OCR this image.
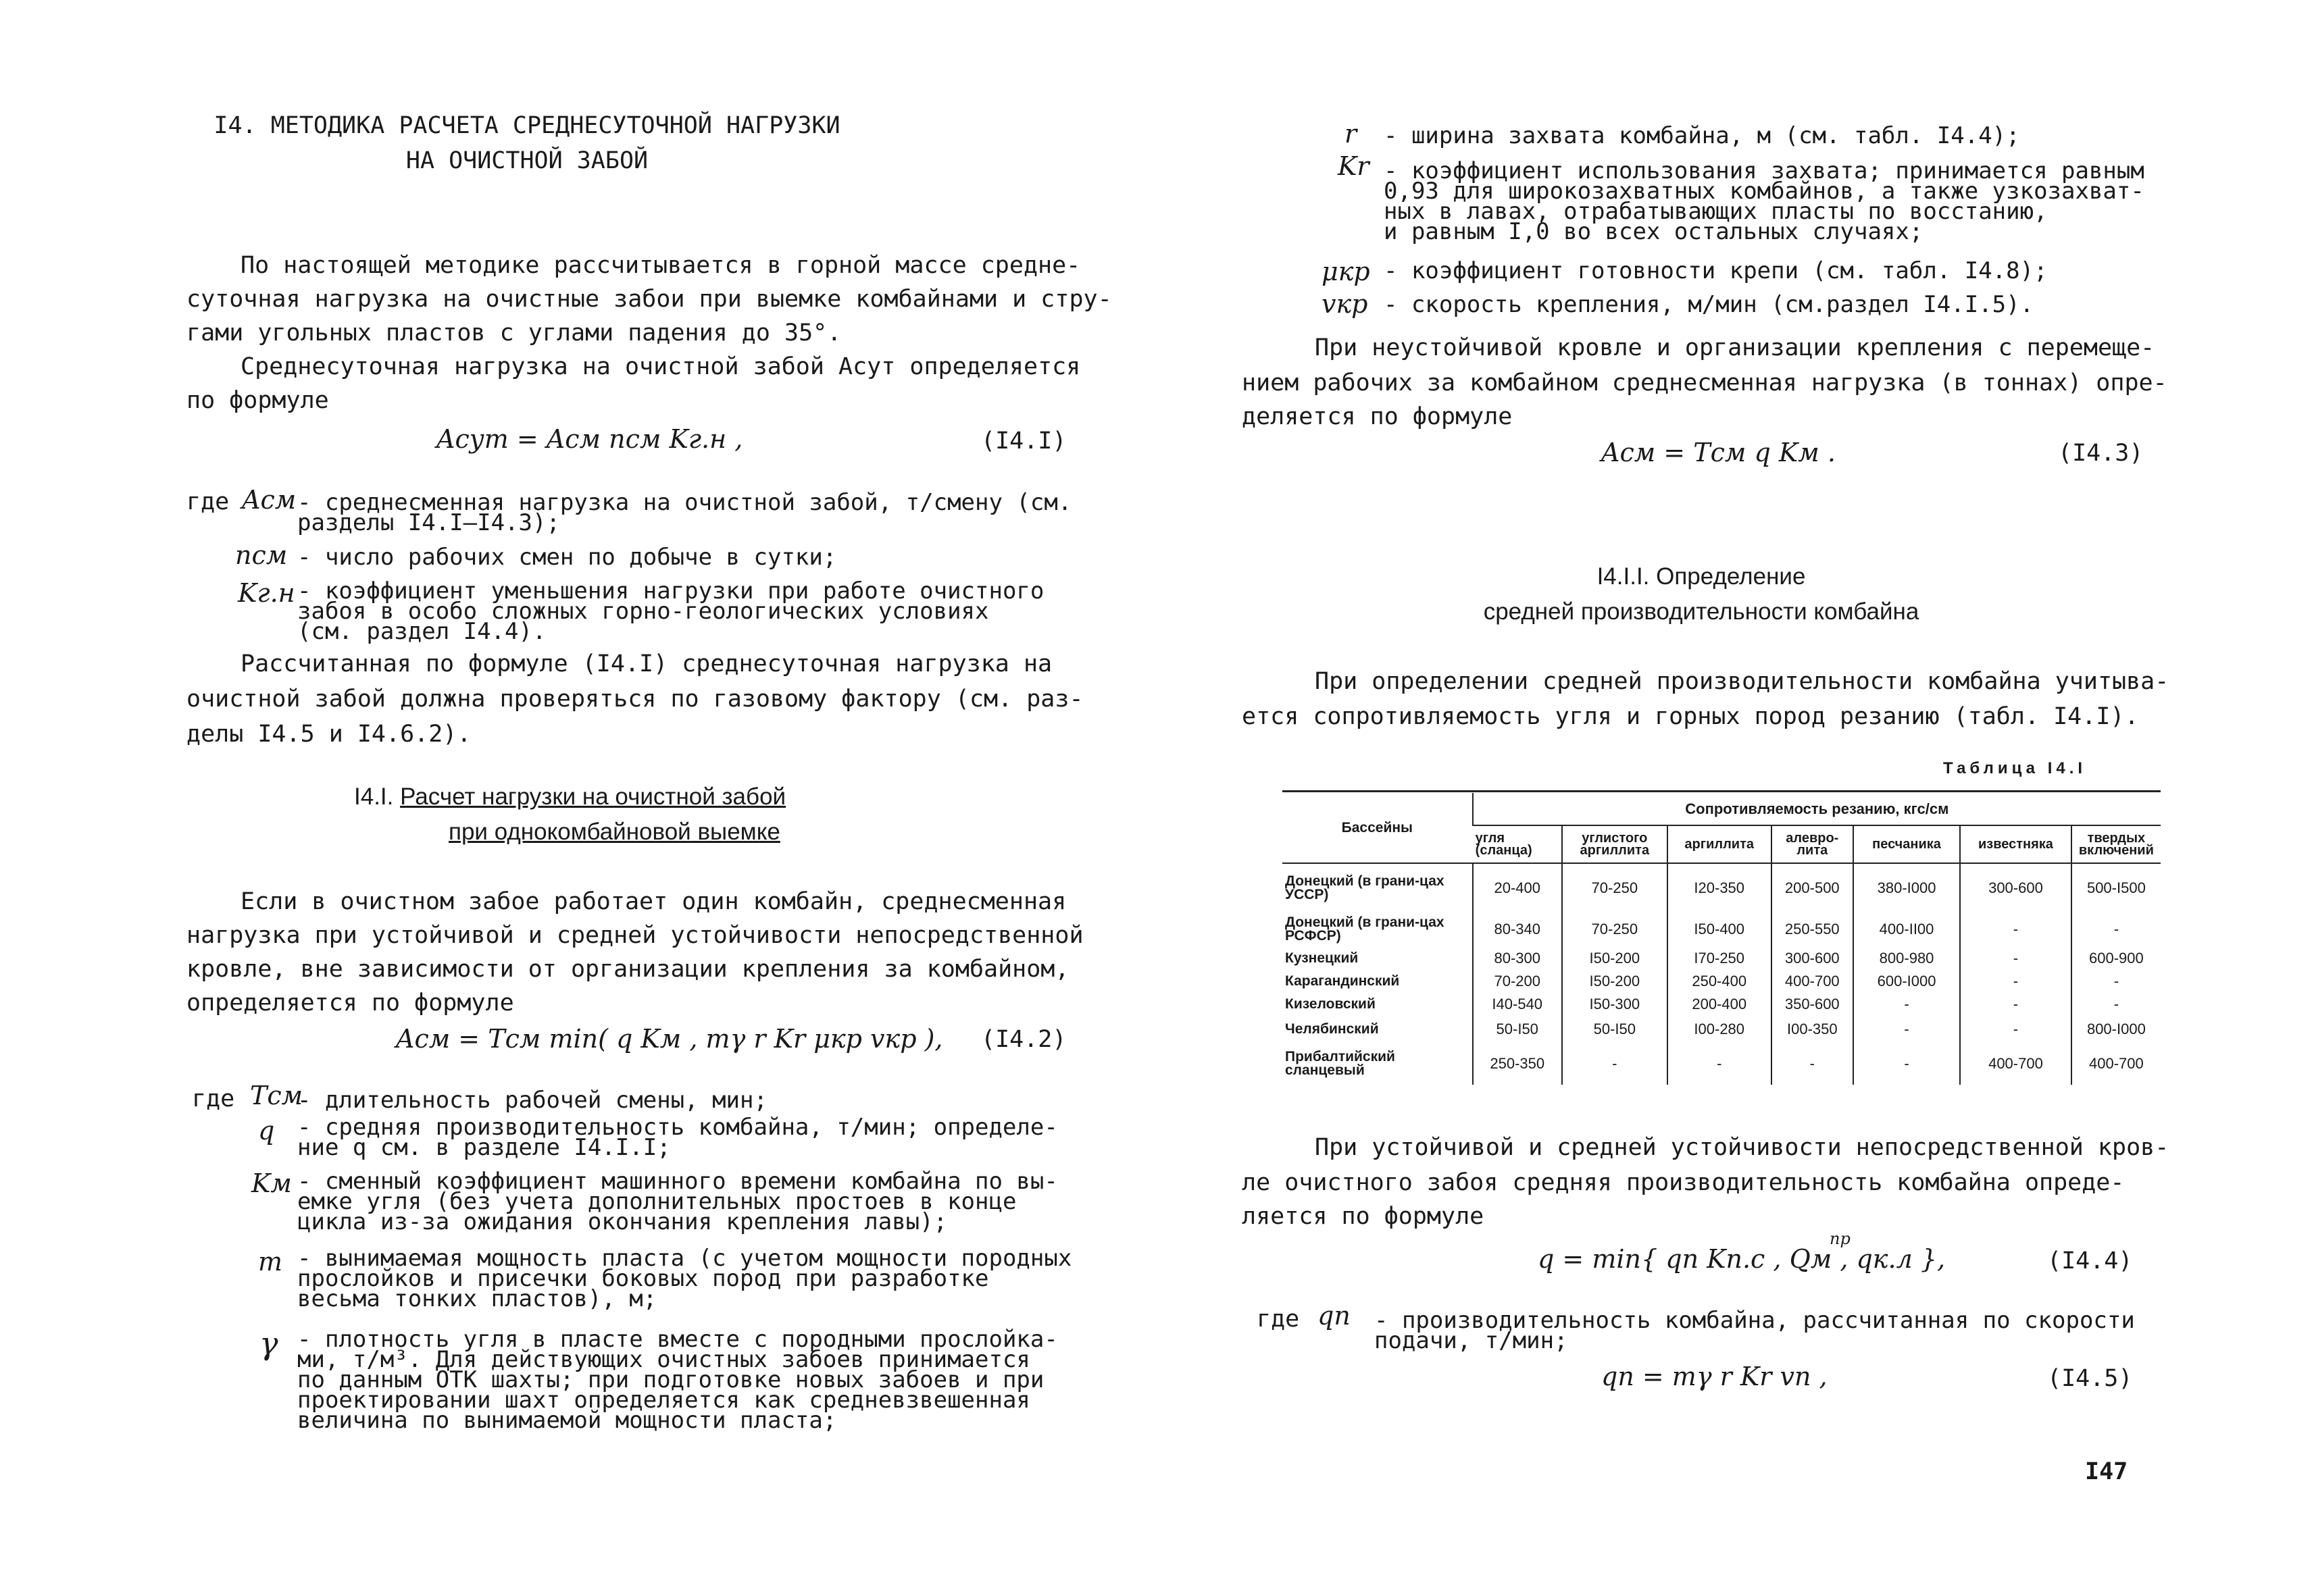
I4. МЕТОДИКА РАСЧЕТА СРЕДНЕСУТОЧНОЙ НАГРУЗКИ
НА ОЧИСТНОЙ ЗАБОЙ
По настоящей методике рассчитывается в горной массе средне-
суточная нагрузка на очистные забои при выемке комбайнами и стру-
гами угольных пластов с углами падения до 35°.
Среднесуточная нагрузка на очистной забой Aсут определяется
по формуле
Aсут = Aсм nсм Kг.н ,	(I4.I)
где Aсм - среднесменная нагрузка на очистной забой, т/смену (см.
разделы I4.I–I4.3);
nсм - число рабочих смен по добыче в сутки;
Kг.н - коэффициент уменьшения нагрузки при работе очистного
забоя в особо сложных горно-геологических условиях
(см. раздел I4.4).
Рассчитанная по формуле (I4.I) среднесуточная нагрузка на
очистной забой должна проверяться по газовому фактору (см. раз-
делы I4.5 и I4.6.2).
I4.I. Расчет нагрузки на очистной забой
при однокомбайновой выемке
Если в очистном забое работает один комбайн, среднесменная
нагрузка при устойчивой и средней устойчивости непосредственной
кровле, вне зависимости от организации крепления за комбайном,
определяется по формуле
Aсм = Tсм min( q Kм , mγ r Kr μкр vкр ), (I4.2)
где Tсм
- длительность рабочей смены, мин;
q - средняя производительность комбайна, т/мин; определе-
ние q см. в разделе I4.I.I;
Kм - сменный коэффициент машинного времени комбайна по вы-
емке угля (без учета дополнительных простоев в конце
цикла из-за ожидания окончания крепления лавы);
m - вынимаемая мощность пласта (с учетом мощности породных
прослойков и присечки боковых пород при разработке
весьма тонких пластов), м;
γ - плотность угля в пласте вместе с породными прослойка-
ми, т/м³. Для действующих очистных забоев принимается
по данным ОТК шахты; при подготовке новых забоев и при
проектировании шахт определяется как средневзвешенная
величина по вынимаемой мощности пласта;
r - ширина захвата комбайна, м (см. табл. I4.4);
Kr - коэффициент использования захвата; принимается равным
0,93 для широкозахватных комбайнов, а также узкозахват-
ных в лавах, отрабатывающих пласты по восстанию,
и равным I,0 во всех остальных случаях;
μкр - коэффициент готовности крепи (см. табл. I4.8);
vкр - скорость крепления, м/мин (см.раздел I4.I.5).
При неустойчивой кровле и организации крепления с перемеще-
нием рабочих за комбайном среднесменная нагрузка (в тоннах) опре-
деляется по формуле
Aсм = Tсм q Kм .	(I4.3)
I4.I.I. Определение
средней производительности комбайна
При определении средней производительности комбайна учитыва-
ется сопротивляемость угля и горных пород резанию (табл. I4.I).
Таблица I4.I
Бассейны	Сопротивляемость резанию, кгс/см						
	угля (сланца)	углистого аргиллита	аргиллита	алевро-лита	песчаника	известняка	твердых включений
Донецкий (в грани-цах УССР)	20-400	70-250	I20-350	200-500	380-I000	300-600	500-I500
Донецкий (в грани-цах РСФСР)	80-340	70-250	I50-400	250-550	400-II00	-	-
Кузнецкий	80-300	I50-200	I70-250	300-600	800-980	-	600-900
Карагандинский	70-200	I50-200	250-400	400-700	600-I000	-	-
Кизеловский	I40-540	I50-300	200-400	350-600	-	-	-
Челябинский	50-I50	50-I50	I00-280	I00-350	-	-	800-I000
Прибалтийский сланцевый	250-350	-	-	-	-	400-700	400-700
При устойчивой и средней устойчивости непосредственной кров-
ле очистного забоя средняя производительность комбайна опреде-
ляется по формуле
q = min{ qn Kп.с , Qм , qк.л },
пр
(I4.4)
где qn - производительность комбайна, рассчитанная по скорости
подачи, т/мин;
qn = mγ r Kr vn ,	(I4.5)
I47
